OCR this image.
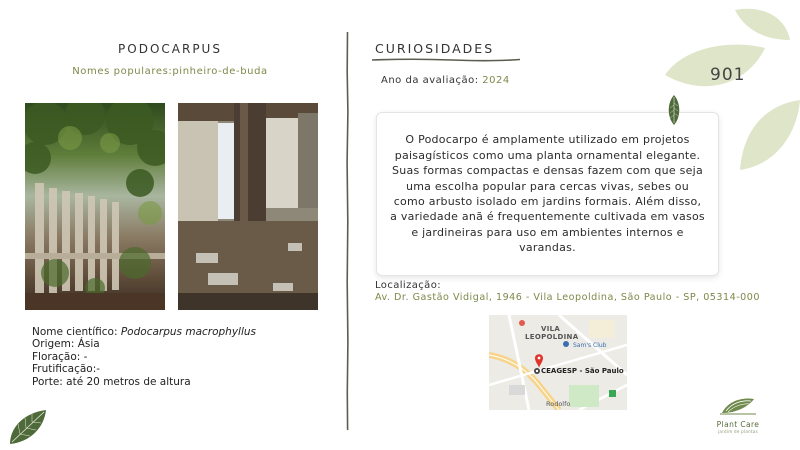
PODOCARPUS
Nomes populares:pinheiro-de-buda
Nome científico: Podocarpus macrophyllus
Origem: Ásia
Floração: -
Frutificação:-
Porte: até 20 metros de altura
CURIOSIDADES
Ano da avaliação: 2024

O Podocarpo é amplamente utilizado em projetos paisagísticos como uma planta ornamental elegante. Suas formas compactas e densas fazem com que seja uma escolha popular para cercas vivas, sebes ou como arbusto isolado em jardins formais. Além disso, a variedade anã é frequentemente cultivada em vasos e jardineiras para uso em ambientes internos e varandas.

Localização:
Av. Dr. Gastão Vidigal, 1946 - Vila Leopoldina, São Paulo - SP, 05314-000
VILA
LEOPOLDINA
Sam's Club
CEAGESP - São Paulo
Rodolfo
901
Plant Care
jardim de plantas
